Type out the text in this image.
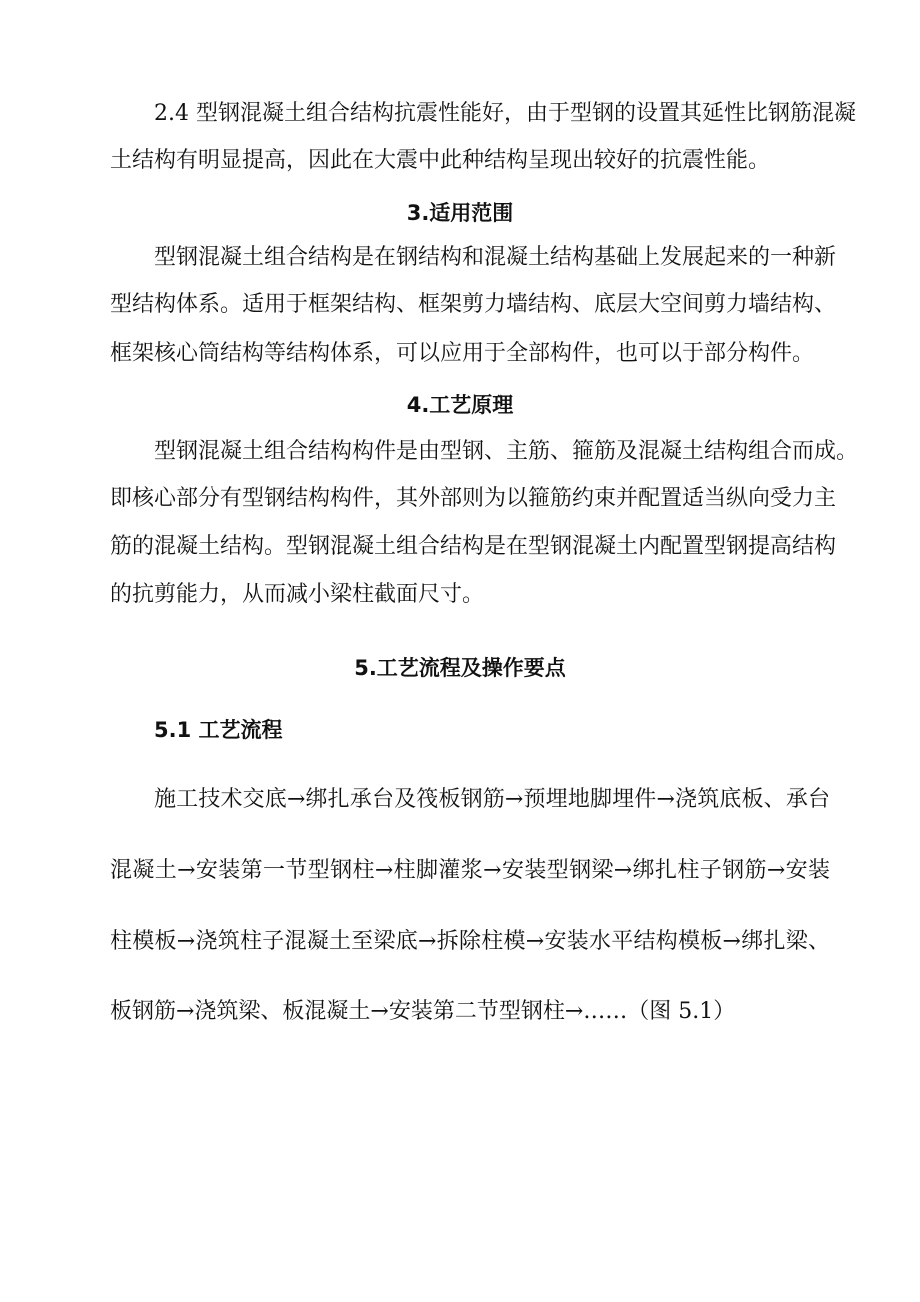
2.4 型钢混凝土组合结构抗震性能好，由于型钢的设置其延性比钢筋混凝
土结构有明显提高，因此在大震中此种结构呈现出较好的抗震性能。
3.适用范围
型钢混凝土组合结构是在钢结构和混凝土结构基础上发展起来的一种新
型结构体系。适用于框架结构、框架剪力墙结构、底层大空间剪力墙结构、
框架核心筒结构等结构体系，可以应用于全部构件，也可以于部分构件。
4.工艺原理
型钢混凝土组合结构构件是由型钢、主筋、箍筋及混凝土结构组合而成。
即核心部分有型钢结构构件，其外部则为以箍筋约束并配置适当纵向受力主
筋的混凝土结构。型钢混凝土组合结构是在型钢混凝土内配置型钢提高结构
的抗剪能力，从而减小梁柱截面尺寸。
5.工艺流程及操作要点
5.1 工艺流程
施工技术交底→绑扎承台及筏板钢筋→预埋地脚埋件→浇筑底板、承台
混凝土→安装第一节型钢柱→柱脚灌浆→安装型钢梁→绑扎柱子钢筋→安装
柱模板→浇筑柱子混凝土至梁底→拆除柱模→安装水平结构模板→绑扎梁、
板钢筋→浇筑梁、板混凝土→安装第二节型钢柱→……（图 5.1）
